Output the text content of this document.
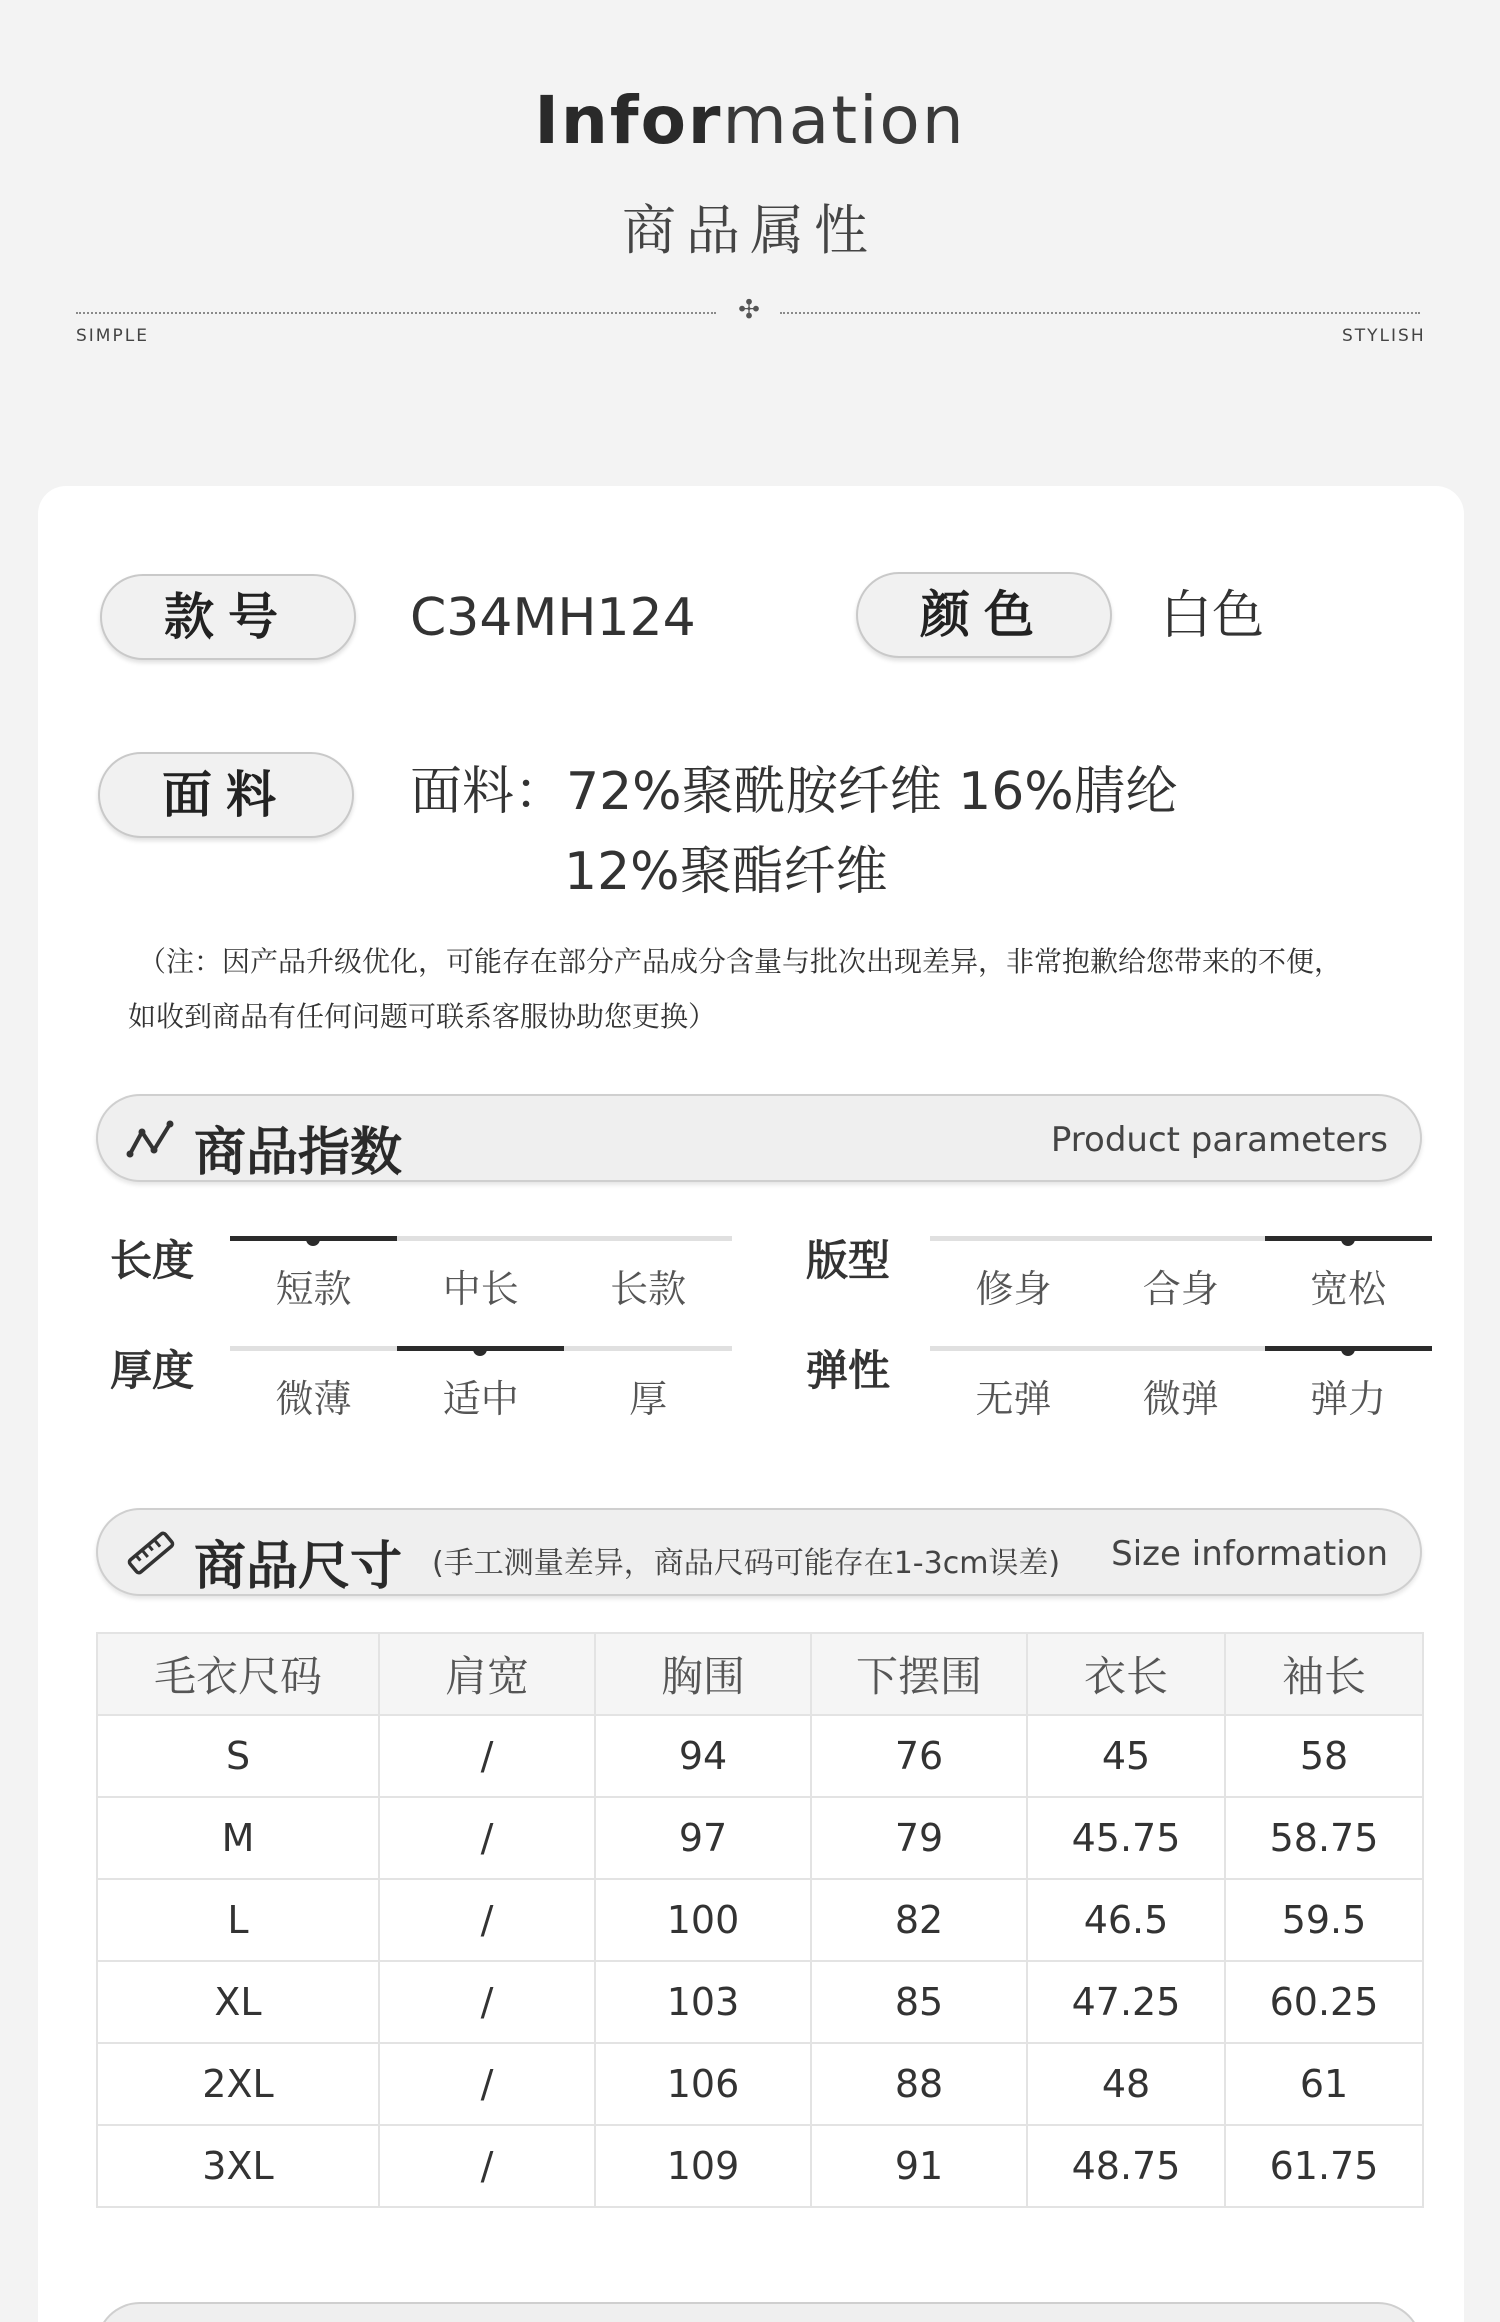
Information
商品属性
✣
SIMPLE	STYLISH
款号	C34MH124	颜色	白色
面料	面料：72%聚酰胺纤维 16%腈纶
12%聚酯纤维
（注：因产品升级优化，可能存在部分产品成分含量与批次出现差异，非常抱歉给您带来的不便，
如收到商品有任何问题可联系客服协助您更换）
商品指数	Product parameters
长度
短款	中长	长款
版型
修身	合身	宽松
厚度
微薄	适中	厚
弹性
无弹	微弹	弹力
商品尺寸 (手工测量差异，商品尺码可能存在1-3cm误差) Size information
毛衣尺码	肩宽	胸围	下摆围	衣长	袖长
S	/	94	76	45	58
M	/	97	79	45.75	58.75
L	/	100	82	46.5	59.5
XL	/	103	85	47.25	60.25
2XL	/	106	88	48	61
3XL	/	109	91	48.75	61.75
